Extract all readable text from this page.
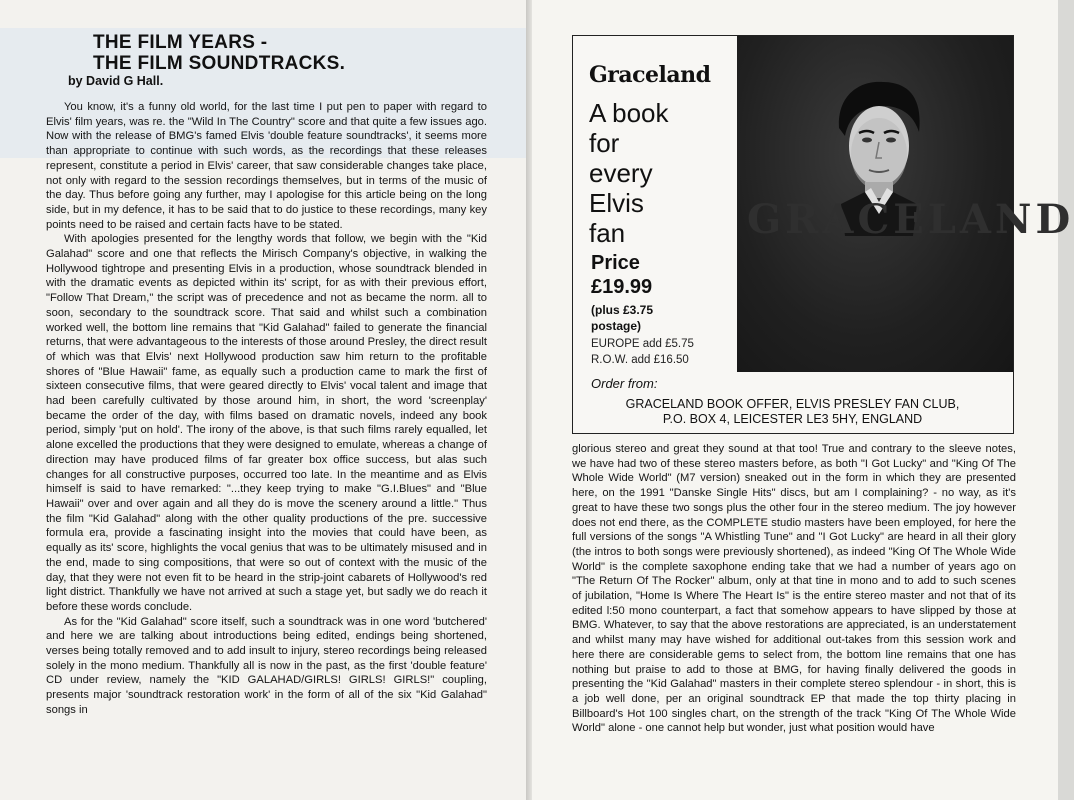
THE FILM YEARS -
THE FILM SOUNDTRACKS.
by David G Hall.

You know, it's a funny old world, for the last time I put pen to paper with regard to Elvis' film years, was re. the "Wild In The Country" score and that quite a few issues ago. Now with the release of BMG's famed Elvis 'double feature soundtracks', it seems more than appropriate to continue with such words, as the recordings that these releases represent, constitute a period in Elvis' career, that saw considerable changes take place, not only with regard to the session recordings themselves, but in terms of the music of the day. Thus before going any further, may I apologise for this article being on the long side, but in my defence, it has to be said that to do justice to these recordings, many key points need to be raised and certain facts have to be stated.

With apologies presented for the lengthy words that follow, we begin with the "Kid Galahad" score and one that reflects the Mirisch Company's objective, in walking the Hollywood tightrope and presenting Elvis in a production, whose soundtrack blended in with the dramatic events as depicted within its' script, for as with their previous effort, "Follow That Dream," the script was of precedence and not as became the norm. all to soon, secondary to the soundtrack score. That said and whilst such a combination worked well, the bottom line remains that "Kid Galahad" failed to generate the financial returns, that were advantageous to the interests of those around Presley, the direct result of which was that Elvis' next Hollywood production saw him return to the profitable shores of "Blue Hawaii" fame, as equally such a production came to mark the first of sixteen consecutive films, that were geared directly to Elvis' vocal talent and image that had been carefully cultivated by those around him, in short, the word 'screenplay' became the order of the day, with films based on dramatic novels, indeed any book period, simply 'put on hold'. The irony of the above, is that such films rarely equalled, let alone excelled the productions that they were designed to emulate, whereas a change of direction may have produced films of far greater box office success, but alas such changes for all constructive purposes, occurred too late. In the meantime and as Elvis himself is said to have remarked: "...they keep trying to make "G.I.Blues" and "Blue Hawaii" over and over again and all they do is move the scenery around a little." Thus the film "Kid Galahad" along with the other quality productions of the pre. successive formula era, provide a fascinating insight into the movies that could have been, as equally as its' score, highlights the vocal genius that was to be ultimately misused and in the end, made to sing compositions, that were so out of context with the music of the day, that they were not even fit to be heard in the strip-joint cabarets of Hollywood's red light district. Thankfully we have not arrived at such a stage yet, but sadly we do reach it before these words conclude.

As for the "Kid Galahad" score itself, such a soundtrack was in one word 'butchered' and here we are talking about introductions being edited, endings being shortened, verses being totally removed and to add insult to injury, stereo recordings being released solely in the mono medium. Thankfully all is now in the past, as the first 'double feature' CD under review, namely the "KID GALAHAD/GIRLS! GIRLS! GIRLS!" coupling, presents major 'soundtrack restoration work' in the form of all of the six "Kid Galahad" songs in

Graceland
A book
for
every
Elvis
fan
Price
£19.99
(plus £3.75
postage)
EUROPE add £5.75
R.O.W. add £16.50
Order from:
GRACELAND BOOK OFFER, ELVIS PRESLEY FAN CLUB,
P.O. BOX 4, LEICESTER LE3 5HY, ENGLAND
GRACELAND

glorious stereo and great they sound at that too! True and contrary to the sleeve notes, we have had two of these stereo masters before, as both "I Got Lucky" and "King Of The Whole Wide World" (M7 version) sneaked out in the form in which they are presented here, on the 1991 "Danske Single Hits" discs, but am I complaining? - no way, as it's great to have these two songs plus the other four in the stereo medium. The joy however does not end there, as the COMPLETE studio masters have been employed, for here the full versions of the songs "A Whistling Tune" and "I Got Lucky" are heard in all their glory (the intros to both songs were previously shortened), as indeed "King Of The Whole Wide World" is the complete saxophone ending take that we had a number of years ago on "The Return Of The Rocker" album, only at that tine in mono and to add to such scenes of jubilation, "Home Is Where The Heart Is" is the entire stereo master and not that of its edited l:50 mono counterpart, a fact that somehow appears to have slipped by those at BMG. Whatever, to say that the above restorations are appreciated, is an understatement and whilst many may have wished for additional out-takes from this session work and here there are considerable gems to select from, the bottom line remains that one has nothing but praise to add to those at BMG, for having finally delivered the goods in presenting the "Kid Galahad" masters in their complete stereo splendour - in short, this is a job well done, per an original soundtrack EP that made the top thirty placing in Billboard's Hot 100 singles chart, on the strength of the track "King Of The Whole Wide World" alone - one cannot help but wonder, just what position would have
